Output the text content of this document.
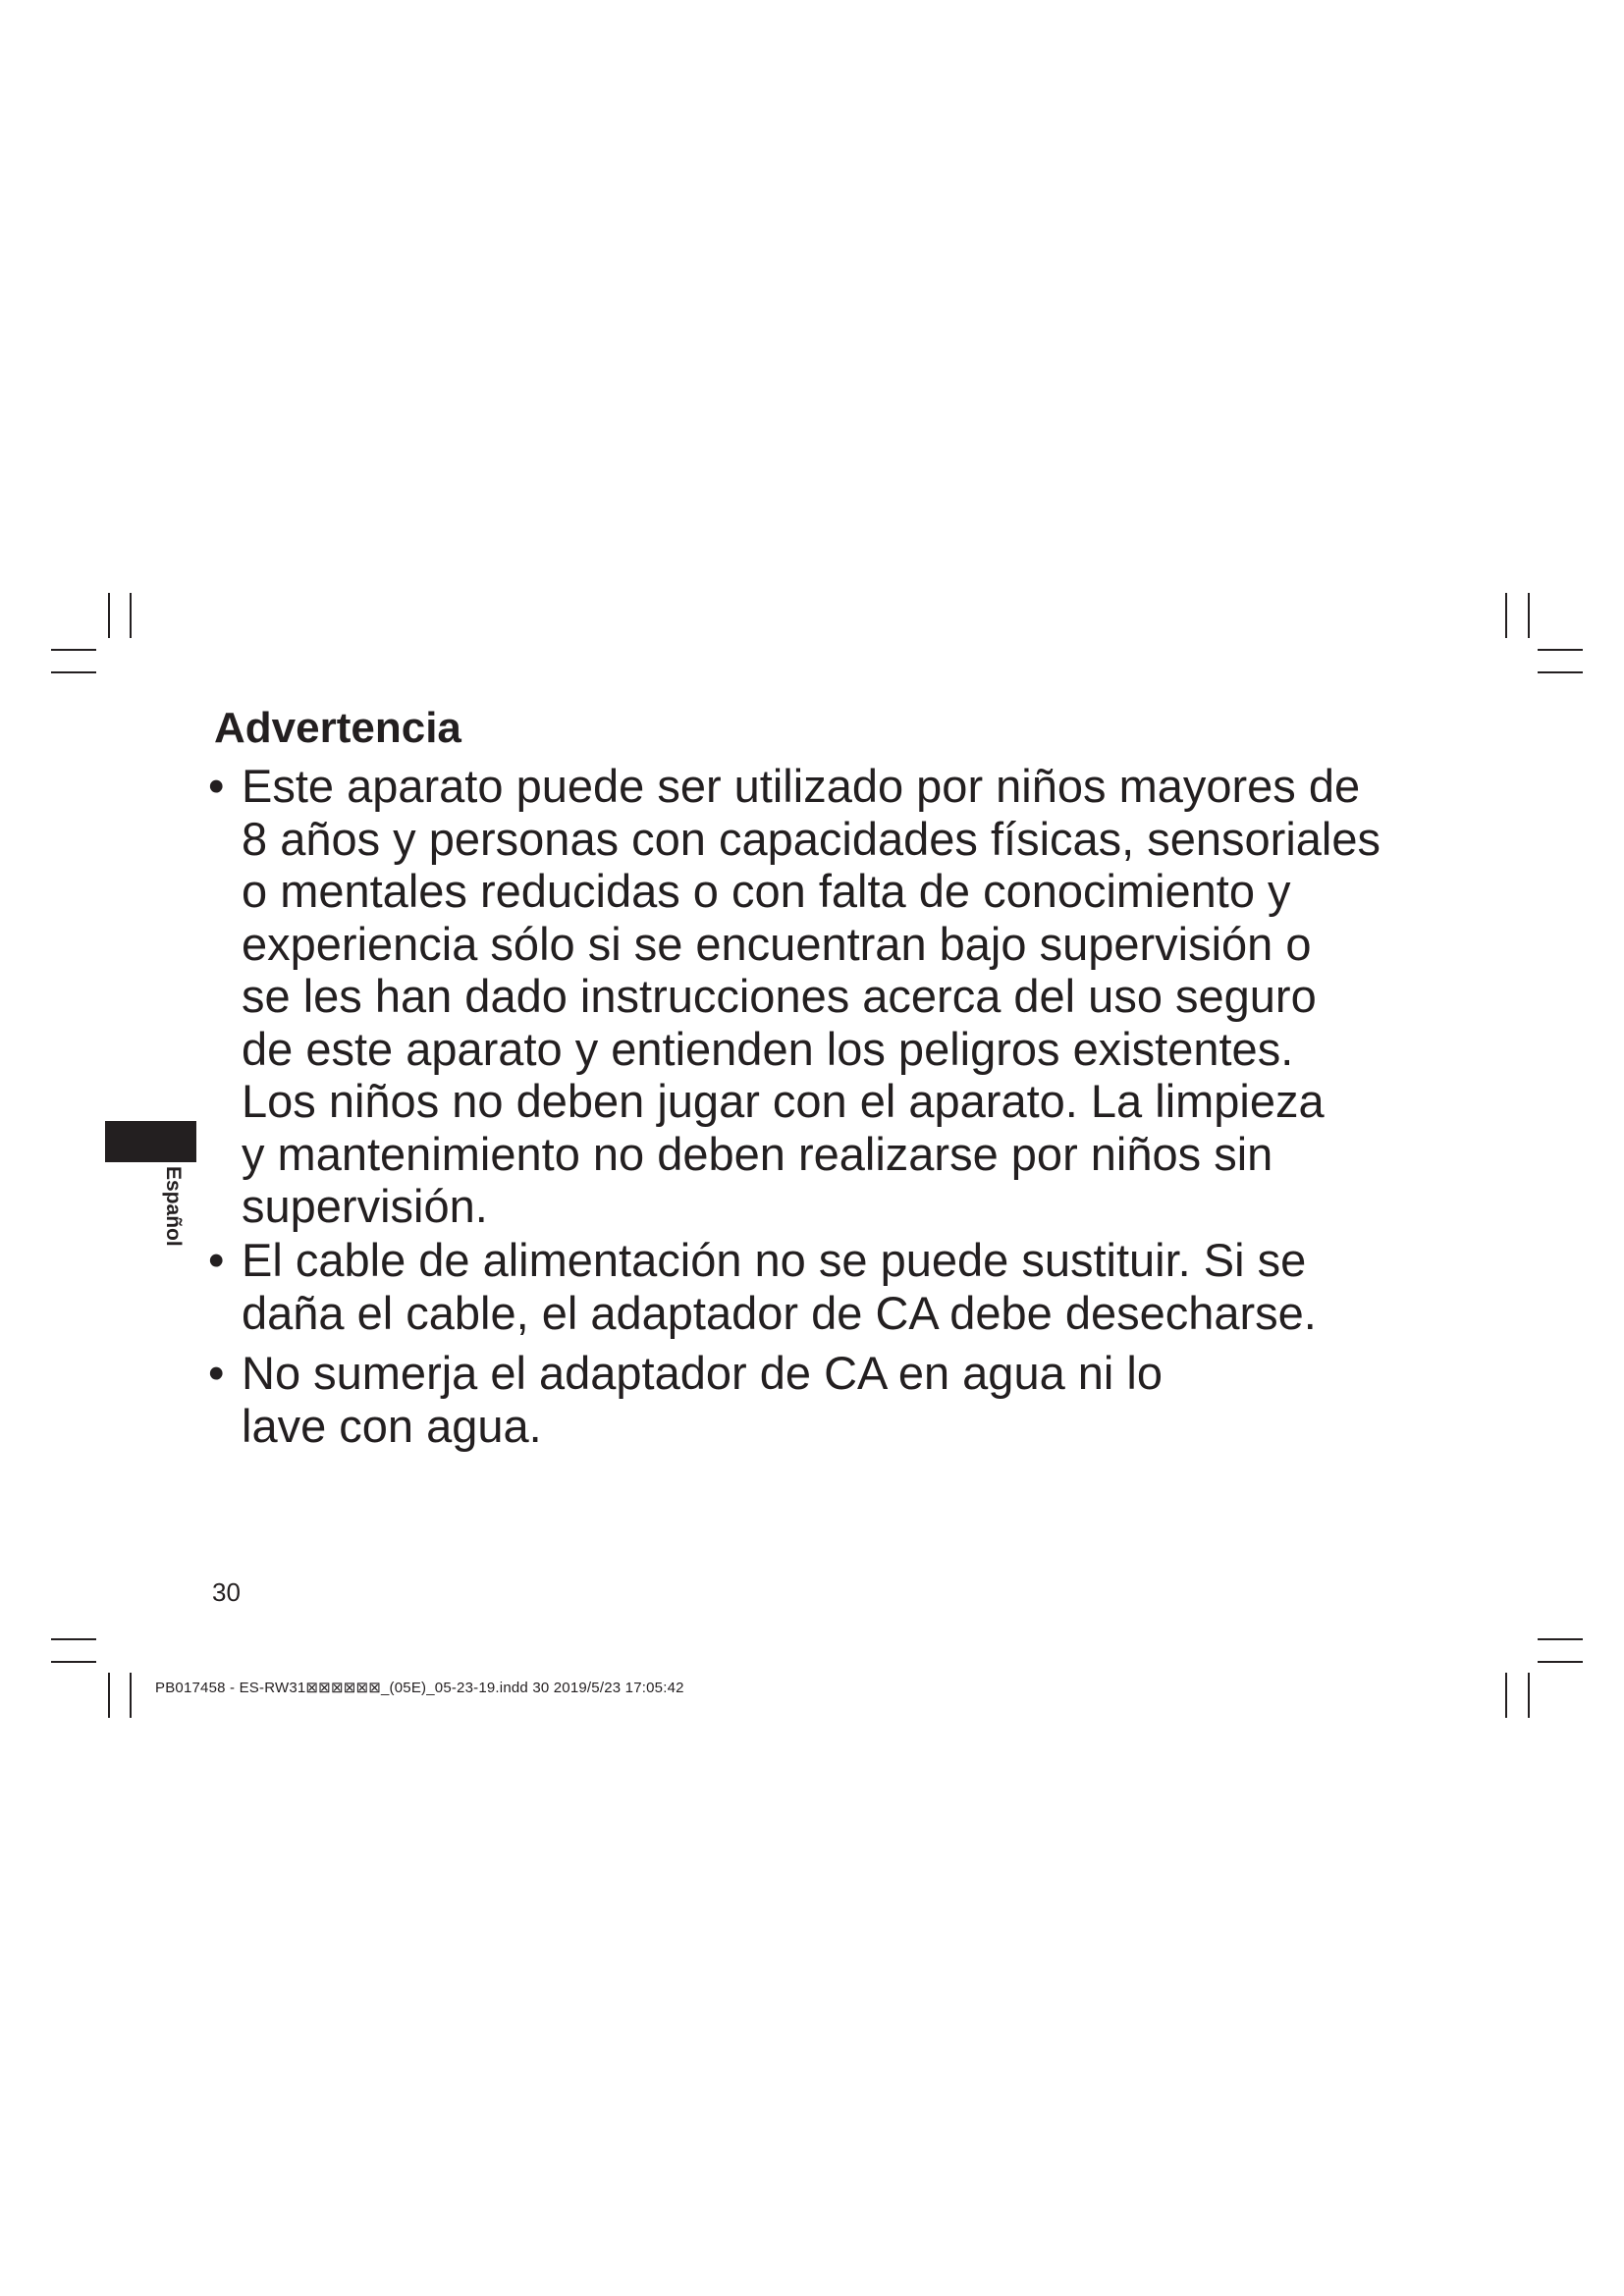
Advertencia
• Este aparato puede ser utilizado por niños mayores de
8 años y personas con capacidades físicas, sensoriales
o mentales reducidas o con falta de conocimiento y
experiencia sólo si se encuentran bajo supervisión o
se les han dado instrucciones acerca del uso seguro
de este aparato y entienden los peligros existentes.
Los niños no deben jugar con el aparato. La limpieza
y mantenimiento no deben realizarse por niños sin
supervisión.
• El cable de alimentación no se puede sustituir. Si se
daña el cable, el adaptador de CA debe desecharse.
• No sumerja el adaptador de CA en agua ni lo
lave con agua.
Español
30
PB017458 - ES-RW31⊠⊠⊠⊠⊠⊠_(05E)_05-23-19.indd 30 2019/5/23 17:05:42
